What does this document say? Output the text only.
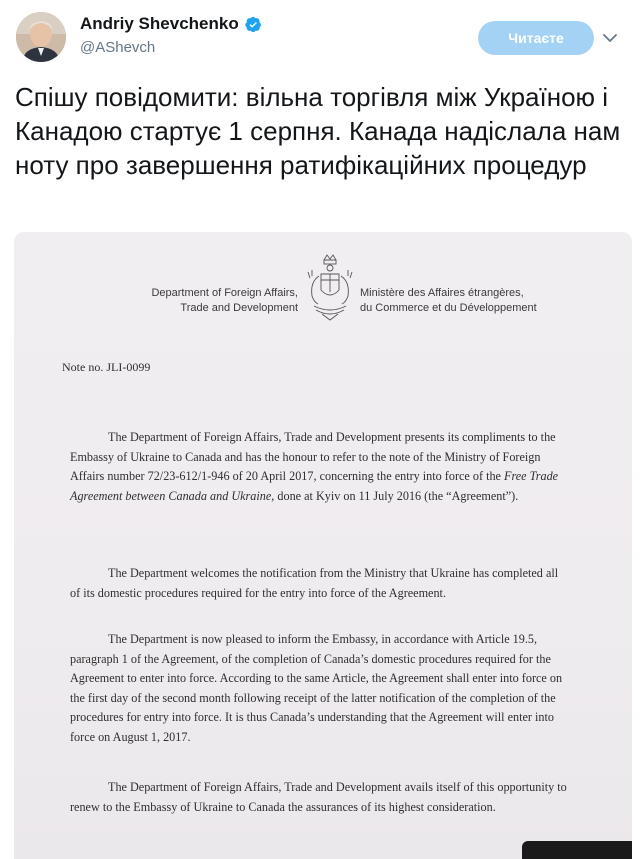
Andriy Shevchenko
@AShevch
Читаєте
Спішу повідомити: вільна торгівля між Україною і Канадою стартує 1 серпня. Канада надіслала нам ноту про завершення ратифікаційних процедур
Department of Foreign Affairs,
Trade and Development
Ministère des Affaires étrangères,
du Commerce et du Développement
Note no. JLI-0099

The Department of Foreign Affairs, Trade and Development presents its compliments to the Embassy of Ukraine to Canada and has the honour to refer to the note of the Ministry of Foreign Affairs number 72/23-612/1-946 of 20 April 2017, concerning the entry into force of the Free Trade Agreement between Canada and Ukraine, done at Kyiv on 11 July 2016 (the “Agreement”).

The Department welcomes the notification from the Ministry that Ukraine has completed all of its domestic procedures required for the entry into force of the Agreement.

The Department is now pleased to inform the Embassy, in accordance with Article 19.5, paragraph 1 of the Agreement, of the completion of Canada’s domestic procedures required for the Agreement to enter into force. According to the same Article, the Agreement shall enter into force on the first day of the second month following receipt of the latter notification of the completion of the procedures for entry into force. It is thus Canada’s understanding that the Agreement will enter into force on August 1, 2017.

The Department of Foreign Affairs, Trade and Development avails itself of this opportunity to renew to the Embassy of Ukraine to Canada the assurances of its highest consideration.
